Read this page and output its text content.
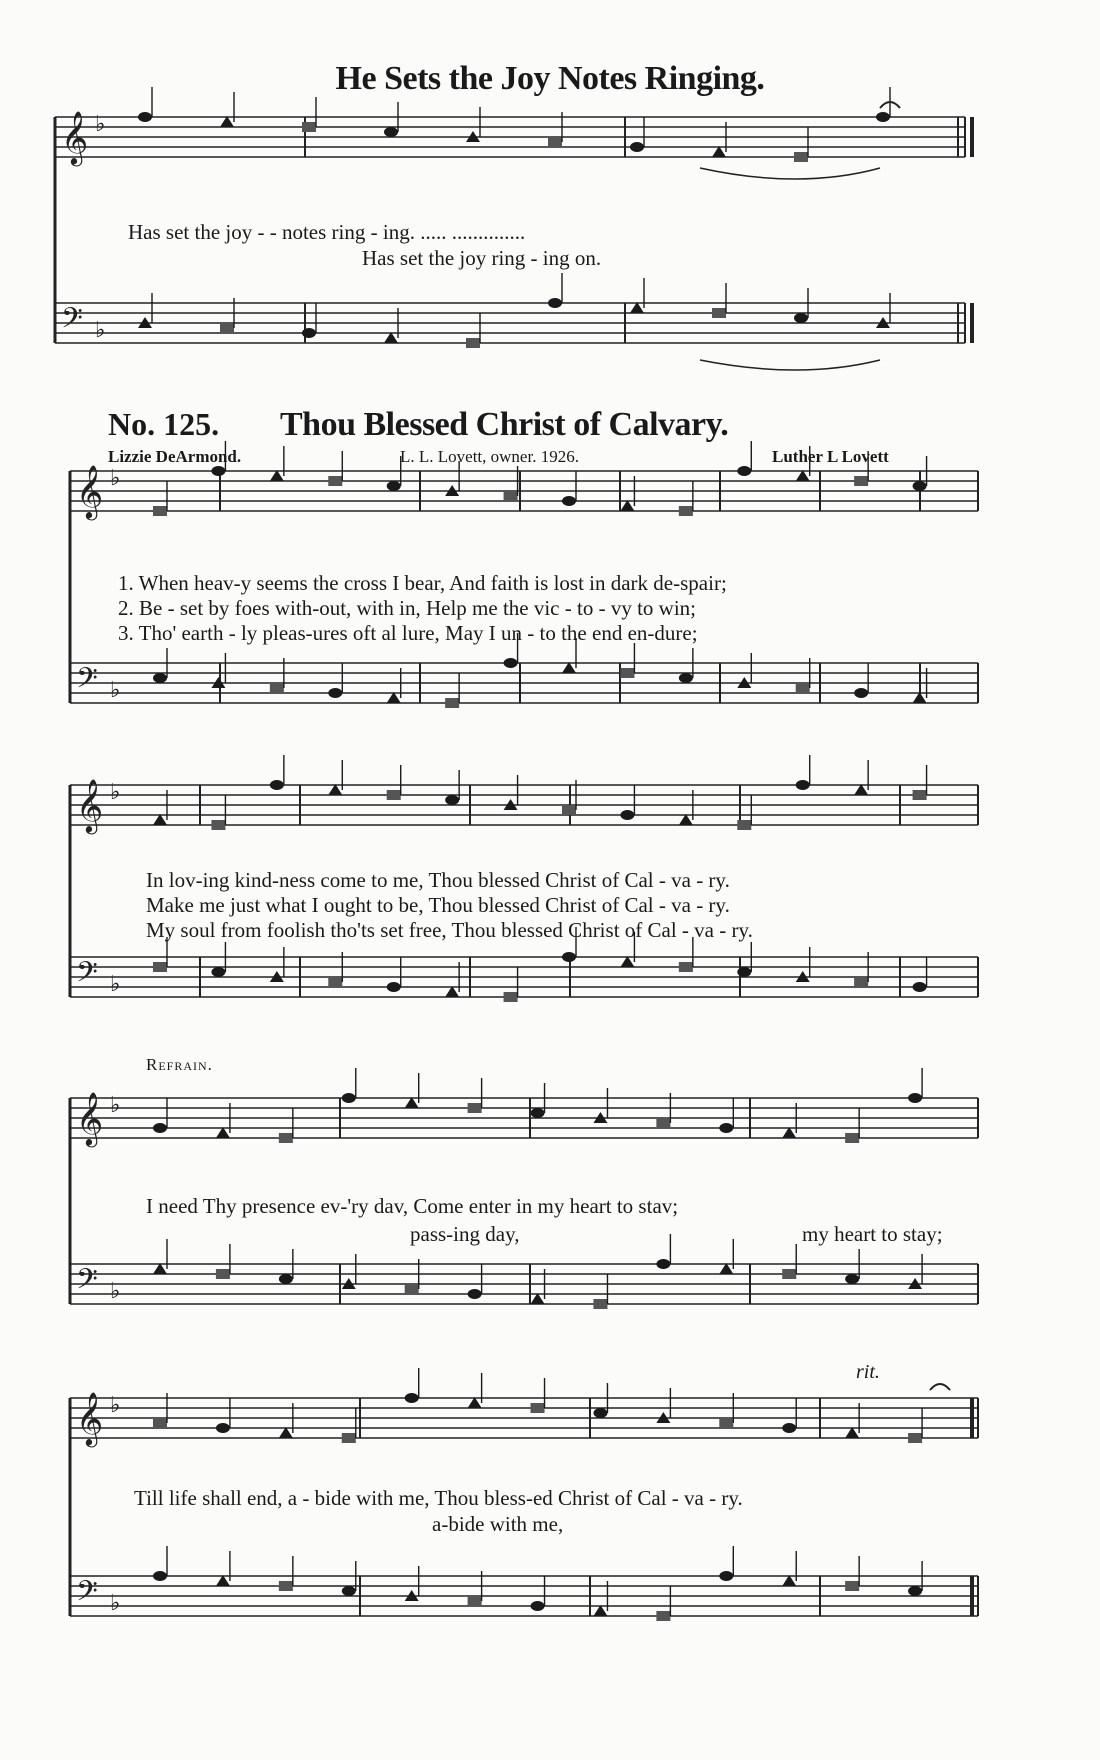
𝄞 ♭
𝄢 ♭
𝄞 ♭
𝄢 ♭
𝄞 ♭
𝄢 ♭
𝄞 ♭
𝄢 ♭
𝄞 ♭
𝄢 ♭
He Sets the Joy Notes Ringing.
Has set the joy - - notes ring - ing. ..... ..............
Has set the joy ring - ing on.
No. 125. Thou Blessed Christ of Calvary.
Lizzie DeArmond.	L. L. Lovett, owner. 1926.	Luther L Lovett
1. When heav-y seems the cross I bear, And faith is lost in dark de-spair;
2. Be - set by foes with-out, with in, Help me the vic - to - vy to win;
3. Tho' earth - ly pleas-ures oft al lure, May I un - to the end en-dure;
In lov-ing kind-ness come to me, Thou blessed Christ of Cal - va - ry.
Make me just what I ought to be, Thou blessed Christ of Cal - va - ry.
My soul from foolish tho'ts set free, Thou blessed Christ of Cal - va - ry.
Refrain.
I need Thy presence ev-'ry dav, Come enter in my heart to stav;
pass-ing day,	my heart to stay;
rit.
Till life shall end, a - bide with me, Thou bless-ed Christ of Cal - va - ry.
a-bide with me,
